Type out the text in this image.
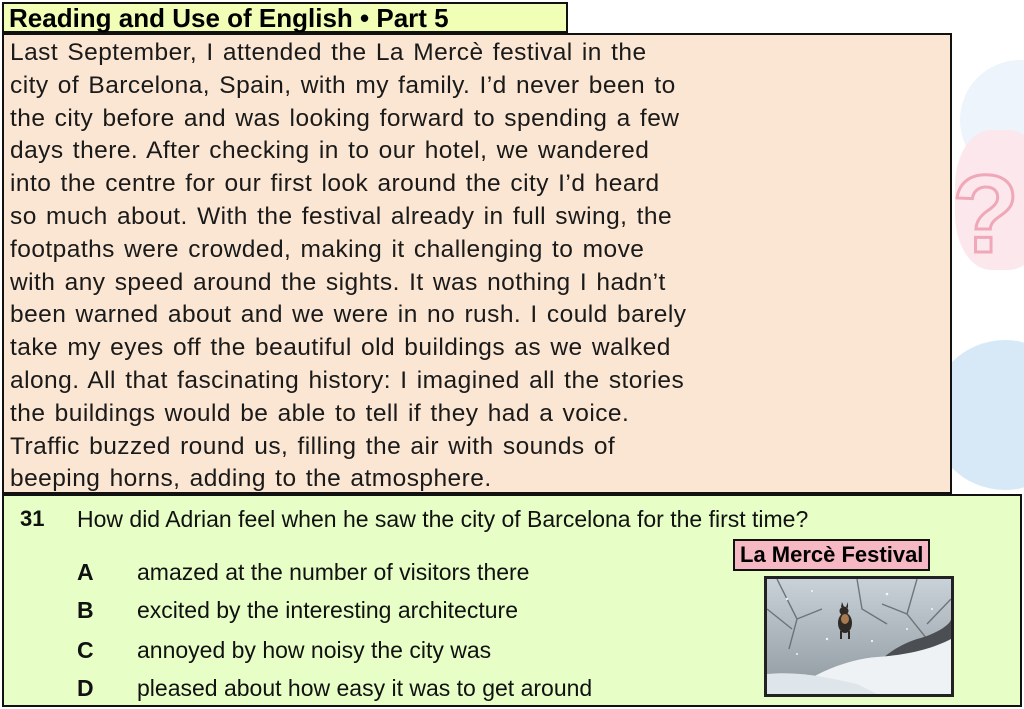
?
Reading and Use of English • Part 5

Last September, I attended the La Mercè festival in the

city of Barcelona, Spain, with my family. I’d never been to

the city before and was looking forward to spending a few

days there. After checking in to our hotel, we wandered

into the centre for our first look around the city I’d heard

so much about. With the festival already in full swing, the

footpaths were crowded, making it challenging to move

with any speed around the sights. It was nothing I hadn’t

been warned about and we were in no rush. I could barely

take my eyes off the beautiful old buildings as we walked

along. All that fascinating history: I imagined all the stories

the buildings would be able to tell if they had a voice.

Traffic buzzed round us, filling the air with sounds of

beeping horns, adding to the atmosphere.

31 How did Adrian feel when he saw the city of Barcelona for the first time?
A amazed at the number of visitors there
B excited by the interesting architecture
C annoyed by how noisy the city was
D pleased about how easy it was to get around
La Mercè Festival
